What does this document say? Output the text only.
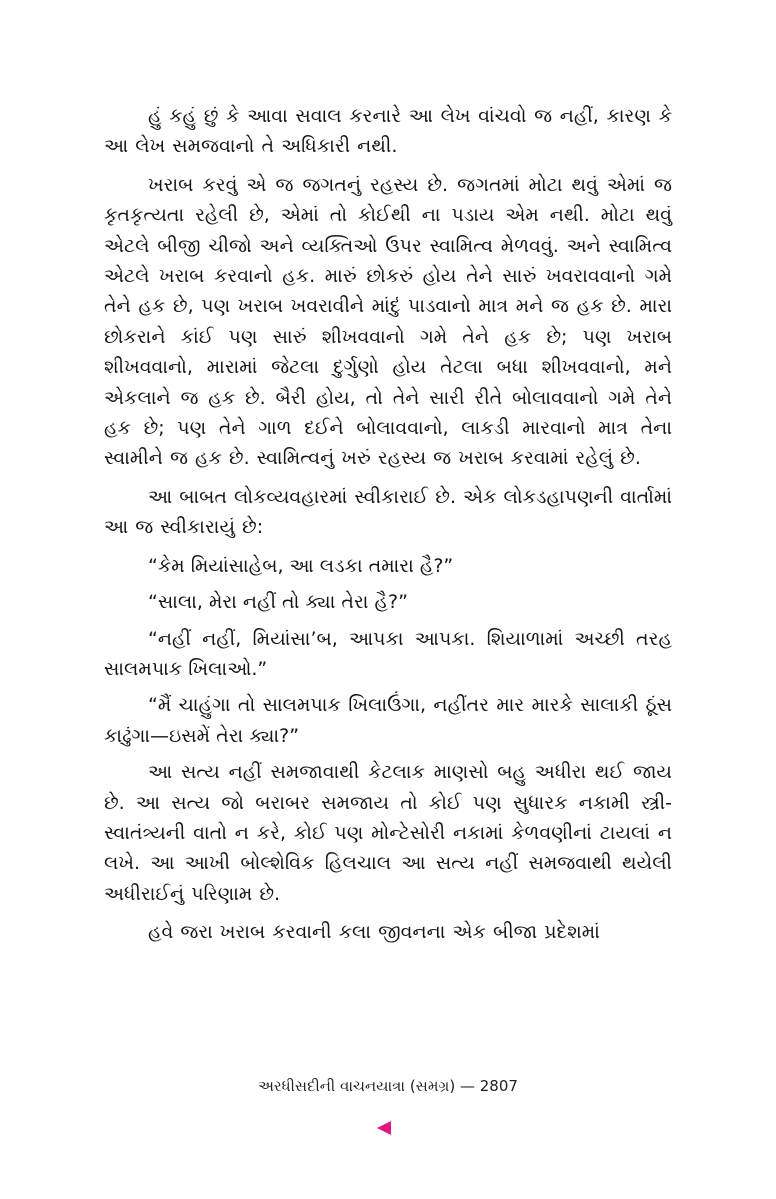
હું કહું છું કે આવા સવાલ કરનારે આ લેખ વાંચવો જ નહીં, કારણ કે આ લેખ સમજવાનો તે અધિકારી નથી.

ખરાબ કરવું એ જ જગતનું રહસ્ય છે. જગતમાં મોટા થવું એમાં જ કૃતકૃત્યતા રહેલી છે, એમાં તો કોઈથી ના પડાય એમ નથી. મોટા થવું એટલે બીજી ચીજો અને વ્યક્તિઓ ઉપર સ્વામિત્વ મેળવવું. અને સ્વામિત્વ એટલે ખરાબ કરવાનો હક. મારું છોકરું હોય તેને સારું ખવરાવવાનો ગમે તેને હક છે, પણ ખરાબ ખવરાવીને માંદું પાડવાનો માત્ર મને જ હક છે. મારા છોકરાને કાંઈ પણ સારું શીખવવાનો ગમે તેને હક છે; પણ ખરાબ શીખવવાનો, મારામાં જેટલા દુર્ગુણો હોય તેટલા બધા શીખવવાનો, મને એકલાને જ હક છે. બૈરી હોય, તો તેને સારી રીતે બોલાવવાનો ગમે તેને હક છે; પણ તેને ગાળ દઈને બોલાવવાનો, લાકડી મારવાનો માત્ર તેના સ્વામીને જ હક છે. સ્વામિત્વનું ખરું રહસ્ય જ ખરાબ કરવામાં રહેલું છે.

આ બાબત લોકવ્યવહારમાં સ્વીકારાઈ છે. એક લોકડહાપણની વાર્તામાં આ જ સ્વીકારાયું છે:

“કેમ મિયાંસાહેબ, આ લડકા તમારા હૈ?”

“સાલા, મેરા નહીં તો ક્યા તેરા હૈ?”

“નહીં નહીં, મિયાંસા’બ, આપકા આપકા. શિયાળામાં અચ્છી તરહ સાલમપાક ખિલાઓ.”

“મૈં ચાહુંગા તો સાલમપાક ખિલાઉંગા, નહીંતર માર મારકે સાલાકી ઠૂંસ કાઢુંગા—ઇસમેં તેરા ક્યા?”

આ સત્ય નહીં સમજાવાથી કેટલાક માણસો બહુ અધીરા થઈ જાય છે. આ સત્ય જો બરાબર સમજાય તો કોઈ પણ સુધારક નકામી સ્ત્રી-સ્વાતંત્ર્યની વાતો ન કરે, કોઈ પણ મોન્ટેસોરી નકામાં કેળવણીનાં ટાયલાં ન લખે. આ આખી બોલ્શેવિક હિલચાલ આ સત્ય નહીં સમજવાથી થયેલી અધીરાઈનું પરિણામ છે.

હવે જરા ખરાબ કરવાની કલા જીવનના એક બીજા પ્રદેશમાં

અરધીસદીની વાચનયાત્રા (સમગ્ર) — 2807
